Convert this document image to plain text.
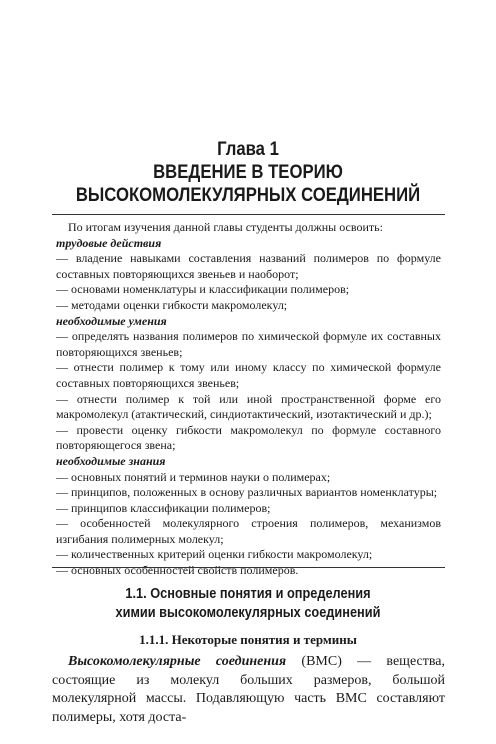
Глава 1
ВВЕДЕНИЕ В ТЕОРИЮ
ВЫСОКОМОЛЕКУЛЯРНЫХ СОЕДИНЕНИЙ

По итогам изучения данной главы студенты должны освоить:

трудовые действия

— владение навыками составления названий полимеров по формуле составных повторяющихся звеньев и наоборот;

— основами номенклатуры и классификации полимеров;

— методами оценки гибкости макромолекул;

необходимые умения

— определять названия полимеров по химической формуле их составных повторяющихся звеньев;

— отнести полимер к тому или иному классу по химической формуле составных повторяющихся звеньев;

— отнести полимер к той или иной пространственной форме его макромолекул (атактический, синдиотактический, изотактический и др.);

— провести оценку гибкости макромолекул по формуле составного повторяющегося звена;

необходимые знания

— основных понятий и терминов науки о полимерах;

— принципов, положенных в основу различных вариантов номенклатуры;

— принципов классификации полимеров;

— особенностей молекулярного строения полимеров, механизмов изгибания полимерных молекул;

— количественных критерий оценки гибкости макромолекул;

— основных особенностей свойств полимеров.

1.1. Основные понятия и определения
химии высокомолекулярных соединений
1.1.1. Некоторые понятия и термины

Высокомолекулярные соединения (ВМС) — вещества, состоящие из молекул больших размеров, большой молекулярной массы. Подавляющую часть ВМС составляют полимеры, хотя доста-
